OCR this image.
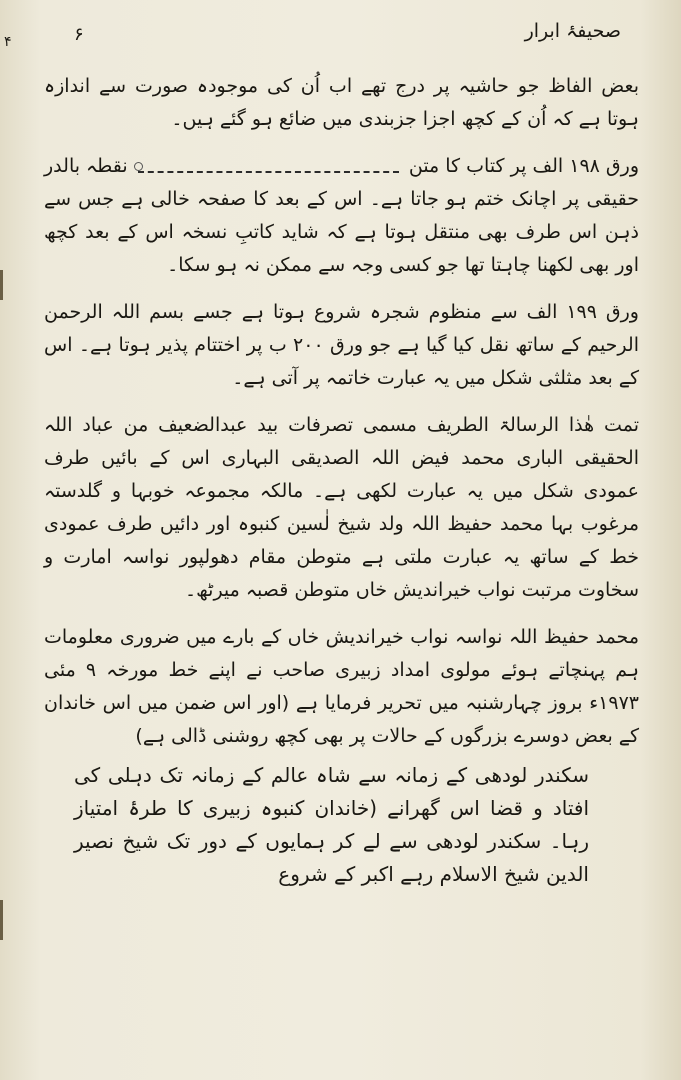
۴	۶	صحیفۂ ابرار

بعض الفاظ جو حاشیہ پر درج تھے اب اُن کی موجودہ صورت سے اندازہ ہوتا ہے کہ اُن کے کچھ اجزا جزبندی میں ضائع ہو گئے ہیں۔

ورق ۱۹۸ الف پر کتاب کا متن
نقطہ بالدر

حقیقی پر اچانک ختم ہو جاتا ہے۔ اس کے بعد کا صفحہ خالی ہے جس سے ذہن اس طرف بھی منتقل ہوتا ہے کہ شاید کاتبِ نسخہ اس کے بعد کچھ اور بھی لکھنا چاہتا تھا جو کسی وجہ سے ممکن نہ ہو سکا۔

ورق ۱۹۹ الف سے منظوم شجرہ شروع ہوتا ہے جسے بسم اللہ الرحمن الرحیم کے ساتھ نقل کیا گیا ہے جو ورق ۲۰۰ ب پر اختتام پذیر ہوتا ہے۔ اس کے بعد مثلثی شکل میں یہ عبارت خاتمہ پر آتی ہے۔

تمت ھٰذا الرسالۃ الطریف مسمی تصرفات بید عبدالضعیف من عباد اللہ الحقیقی الباری محمد فیض اللہ الصدیقی البہاری اس کے بائیں طرف عمودی شکل میں یہ عبارت لکھی ہے۔ مالکہ مجموعہ خوبہا و گلدستہ مرغوب بہا محمد حفیظ اللہ ولد شیخ لٰسین کنبوہ اور دائیں طرف عمودی خط کے ساتھ یہ عبارت ملتی ہے متوطن مقام دھولپور نواسہ امارت و سخاوت مرتبت نواب خیراندیش خاں متوطن قصبہ میرٹھ۔

محمد حفیظ اللہ نواسہ نواب خیراندیش خاں کے بارے میں ضروری معلومات ہم پہنچاتے ہوئے مولوی امداد زبیری صاحب نے اپنے خط مورخہ ۹ مئی ۱۹۷۳ء بروز چہارشنبہ میں تحریر فرمایا ہے (اور اس ضمن میں اس خاندان کے بعض دوسرے بزرگوں کے حالات پر بھی کچھ روشنی ڈالی ہے)

سکندر لودھی کے زمانہ سے شاہ عالم کے زمانہ تک دہلی کی افتاد و قضا اس گھرانے (خاندان کنبوہ زبیری کا طرۂ امتیاز رہا۔ سکندر لودھی سے لے کر ہمایوں کے دور تک شیخ نصیر الدین شیخ الاسلام رہے اکبر کے شروع
